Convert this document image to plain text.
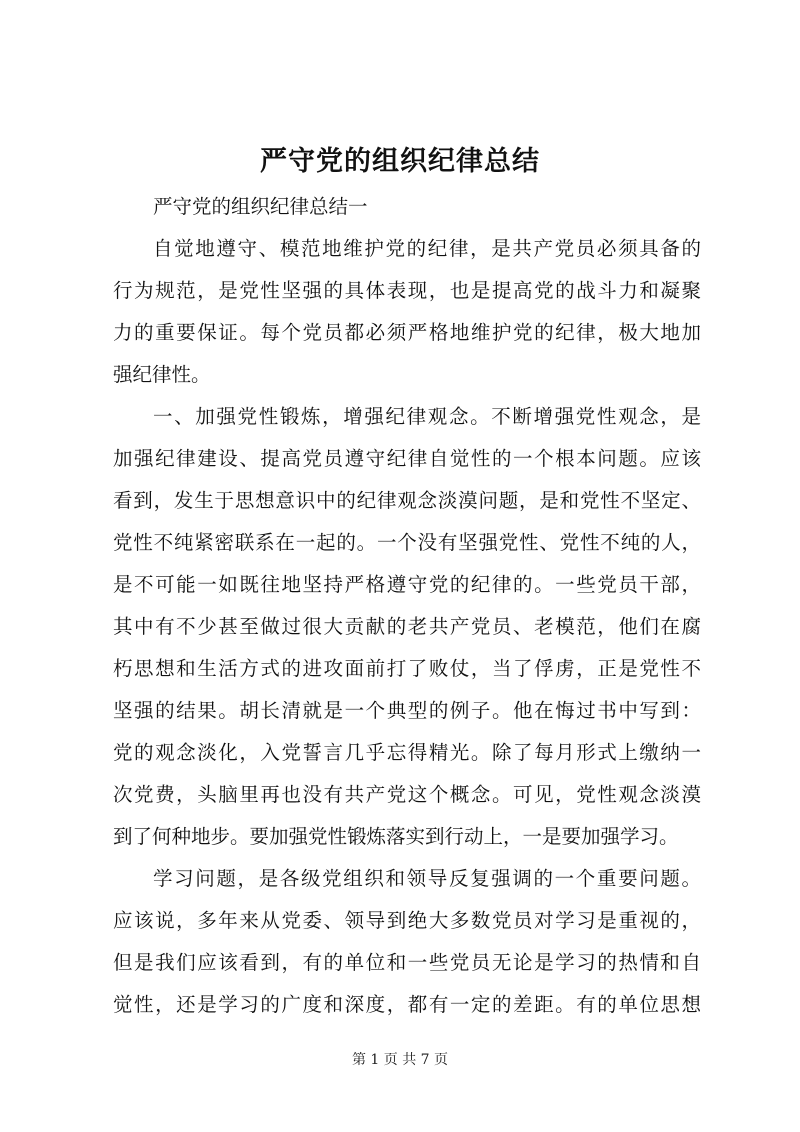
严守党的组织纪律总结

严守党的组织纪律总结一

自觉地遵守、模范地维护党的纪律，是共产党员必须具备的
行为规范，是党性坚强的具体表现，也是提高党的战斗力和凝聚
力的重要保证。每个党员都必须严格地维护党的纪律，极大地加
强纪律性。
一、加强党性锻炼，增强纪律观念。不断增强党性观念，是
加强纪律建设、提高党员遵守纪律自觉性的一个根本问题。应该
看到，发生于思想意识中的纪律观念淡漠问题，是和党性不坚定、
党性不纯紧密联系在一起的。一个没有坚强党性、党性不纯的人，
是不可能一如既往地坚持严格遵守党的纪律的。一些党员干部，
其中有不少甚至做过很大贡献的老共产党员、老模范，他们在腐
朽思想和生活方式的进攻面前打了败仗，当了俘虏，正是党性不
坚强的结果。胡长清就是一个典型的例子。他在悔过书中写到：
党的观念淡化，入党誓言几乎忘得精光。除了每月形式上缴纳一
次党费，头脑里再也没有共产党这个概念。可见，党性观念淡漠
到了何种地步。要加强党性锻炼落实到行动上，一是要加强学习。
学习问题，是各级党组织和领导反复强调的一个重要问题。
应该说，多年来从党委、领导到绝大多数党员对学习是重视的，
但是我们应该看到，有的单位和一些党员无论是学习的热情和自
觉性，还是学习的广度和深度，都有一定的差距。有的单位思想
第 1 页 共 7 页
